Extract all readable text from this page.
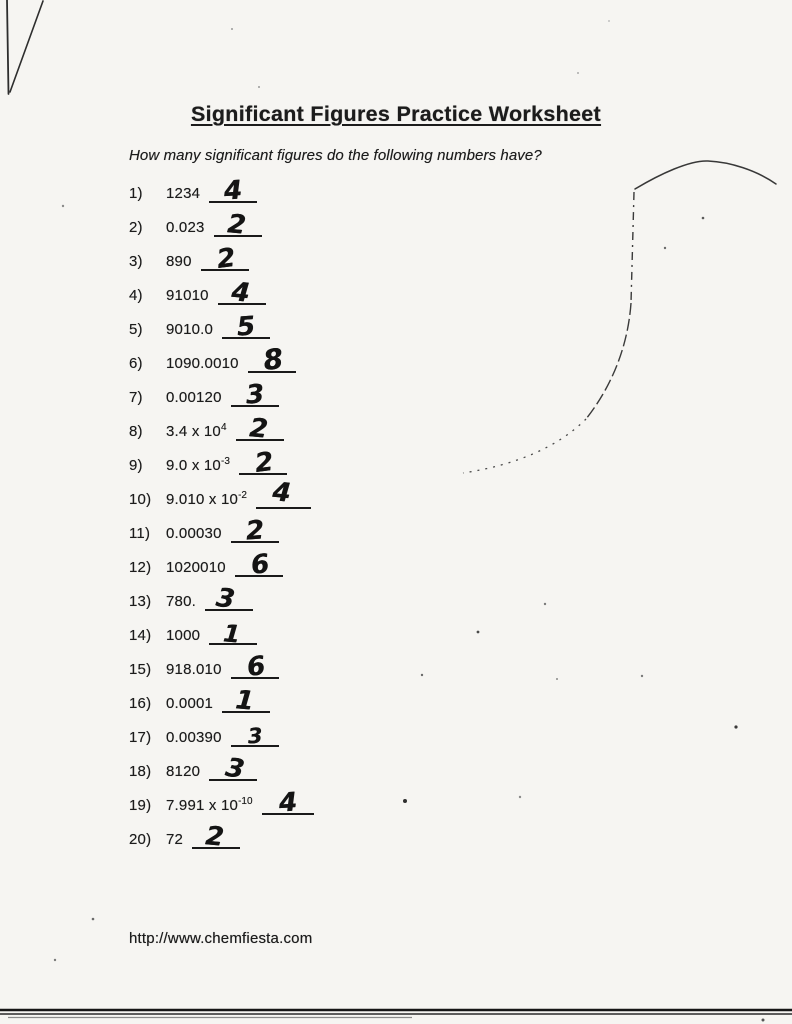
Significant Figures Practice Worksheet
How many significant figures do the following numbers have?
1) 1234 4
2) 0.023 2
3) 890 2
4) 91010 4
5) 9010.0 5
6) 1090.0010 8
7) 0.00120 3
8) 3.4 x $10^4$ 2
9) 9.0 x $10^{-3}$ 2
10) 9.010 x $10^{-2}$ 4
11) 0.00030 2
12) 1020010 6
13) 780. 3
14) 1000 1
15) 918.010 6
16) 0.0001 1
17) 0.00390 3
18) 8120 3
19) 7.991 x $10^{-10}$ 4
20) 72 2
http://www.chemfiesta.com
